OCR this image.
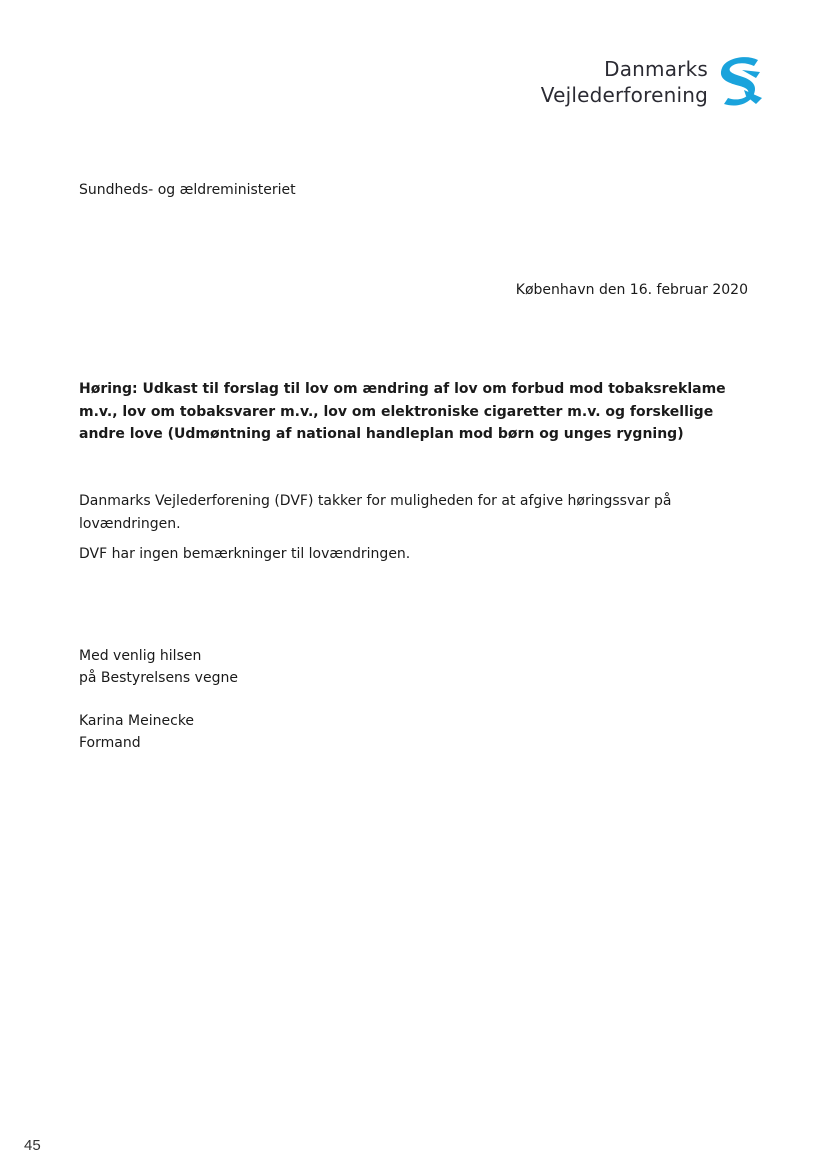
Danmarks
Vejlederforening
Sundheds- og ældreministeriet
København den 16. februar 2020
Høring: Udkast til forslag til lov om ændring af lov om forbud mod tobaksreklame m.v., lov om tobaksvarer m.v., lov om elektroniske cigaretter m.v. og forskellige andre love (Udmøntning af national handleplan mod børn og unges rygning)

Danmarks Vejlederforening (DVF) takker for muligheden for at afgive høringssvar på lovændringen.

DVF har ingen bemærkninger til lovændringen.

Med venlig hilsen
på Bestyrelsens vegne
Karina Meinecke
Formand
45
